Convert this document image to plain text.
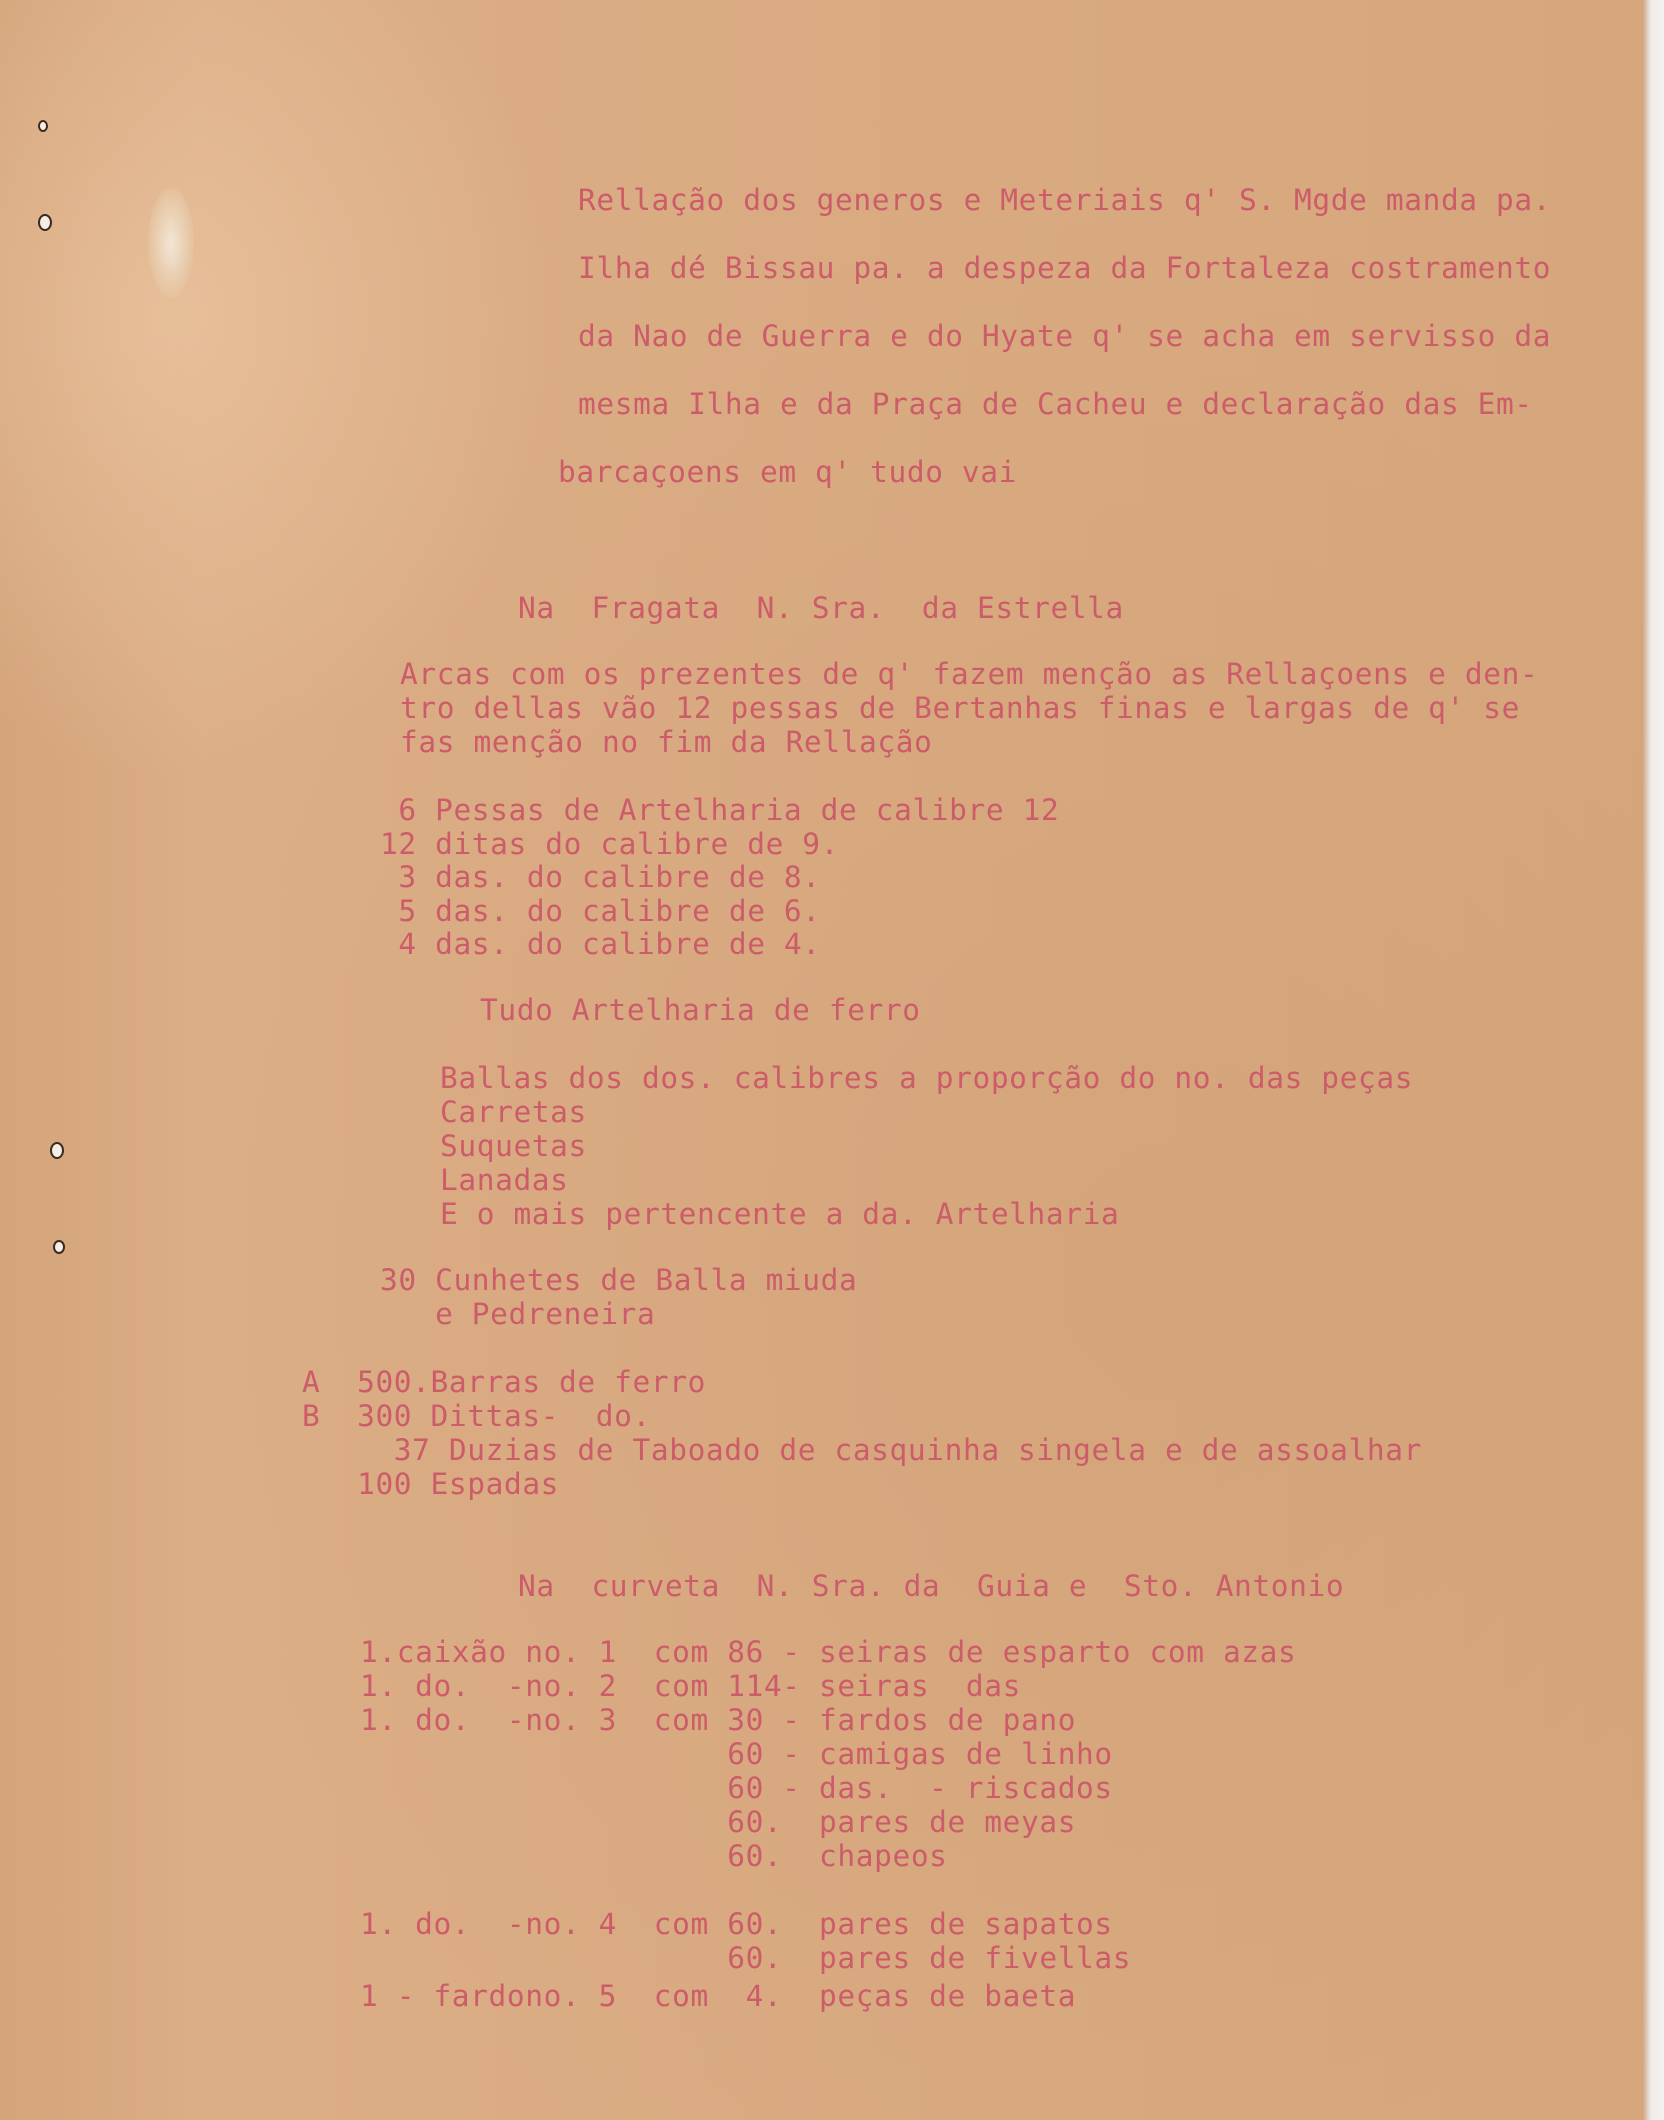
Rellação dos generos e Meteriais q' S. Mgde manda pa.
Ilha dé Bissau pa. a despeza da Fortaleza costramento
da Nao de Guerra e do Hyate q' se acha em servisso da
mesma Ilha e da Praça de Cacheu e declaração das Em-
barcaçoens em q' tudo vai
Na  Fragata  N. Sra.  da Estrella
Arcas com os prezentes de q' fazem menção as Rellaçoens e den-
tro dellas vão 12 pessas de Bertanhas finas e largas de q' se
fas menção no fim da Rellação
6 Pessas de Artelharia de calibre 12
12 ditas do calibre de 9.
3 das. do calibre de 8.
5 das. do calibre de 6.
4 das. do calibre de 4.
Tudo Artelharia de ferro
Ballas dos dos. calibres a proporção do no. das peças
Carretas
Suquetas
Lanadas
E o mais pertencente a da. Artelharia
30 Cunhetes de Balla miuda
e Pedreneira
A  500.Barras de ferro
B  300 Dittas-  do.
37 Duzias de Taboado de casquinha singela e de assoalhar
100 Espadas
Na  curveta  N. Sra. da  Guia e  Sto. Antonio
1.caixão no. 1  com 86 - seiras de esparto com azas
1. do.  -no. 2  com 114- seiras  das
1. do.  -no. 3  com 30 - fardos de pano
60 - camigas de linho
60 - das.  - riscados
60.  pares de meyas
60.  chapeos
1. do.  -no. 4  com 60.  pares de sapatos
60.  pares de fivellas
1 - fardono. 5  com  4.  peças de baeta
